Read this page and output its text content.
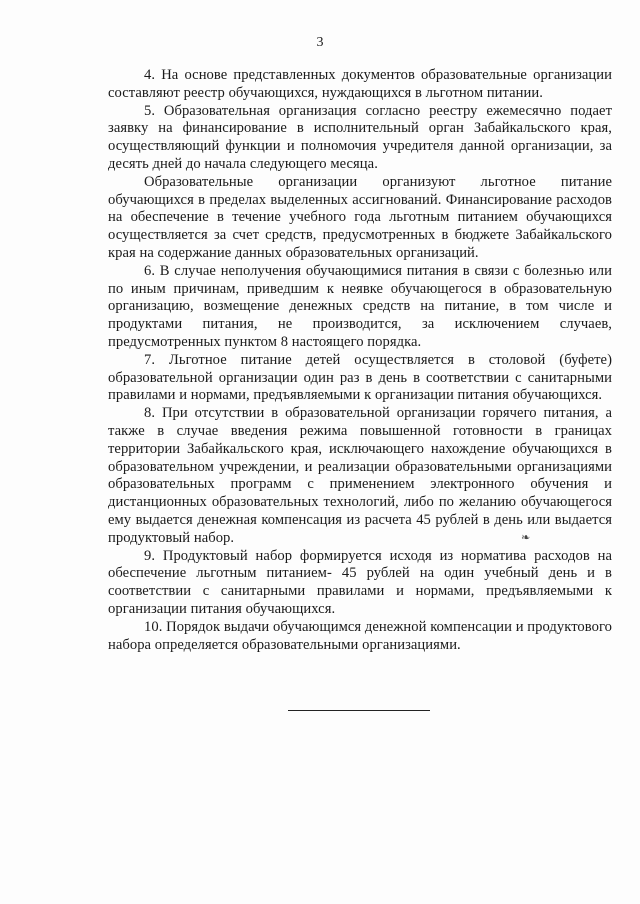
3

4. На основе представленных документов образовательные организации составляют реестр обучающихся, нуждающихся в льготном питании.

5. Образовательная организация согласно реестру ежемесячно подает заявку на финансирование в исполнительный орган Забайкальского края, осуществляющий функции и полномочия учредителя данной организации, за десять дней до начала следующего месяца.

Образовательные организации организуют льготное питание обучающихся в пределах выделенных ассигнований. Финансирование расходов на обеспечение в течение учебного года льготным питанием обучающихся осуществляется за счет средств, предусмотренных в бюджете Забайкальского края на содержание данных образовательных организаций.

6. В случае неполучения обучающимися питания в связи с болезнью или по иным причинам, приведшим к неявке обучающегося в образовательную организацию, возмещение денежных средств на питание, в том числе и продуктами питания, не производится, за исключением случаев, предусмотренных пунктом 8 настоящего порядка.

7. Льготное питание детей осуществляется в столовой (буфете) образовательной организации один раз в день в соответствии с санитарными правилами и нормами, предъявляемыми к организации питания обучающихся.

8. При отсутствии в образовательной организации горячего питания, а также в случае введения режима повышенной готовности в границах территории Забайкальского края, исключающего нахождение обучающихся в образовательном учреждении, и реализации образовательными организациями образовательных программ с применением электронного обучения и дистанционных образовательных технологий, либо по желанию обучающегося ему выдается денежная компенсация из расчета 45 рублей в день или выдается продуктовый набор.

9. Продуктовый набор формируется исходя из норматива расходов на обеспечение льготным питанием- 45 рублей на один учебный день и в соответствии с санитарными правилами и нормами, предъявляемыми к организации питания обучающихся.

10. Порядок выдачи обучающимся денежной компенсации и продуктового набора определяется образовательными организациями.

❧
